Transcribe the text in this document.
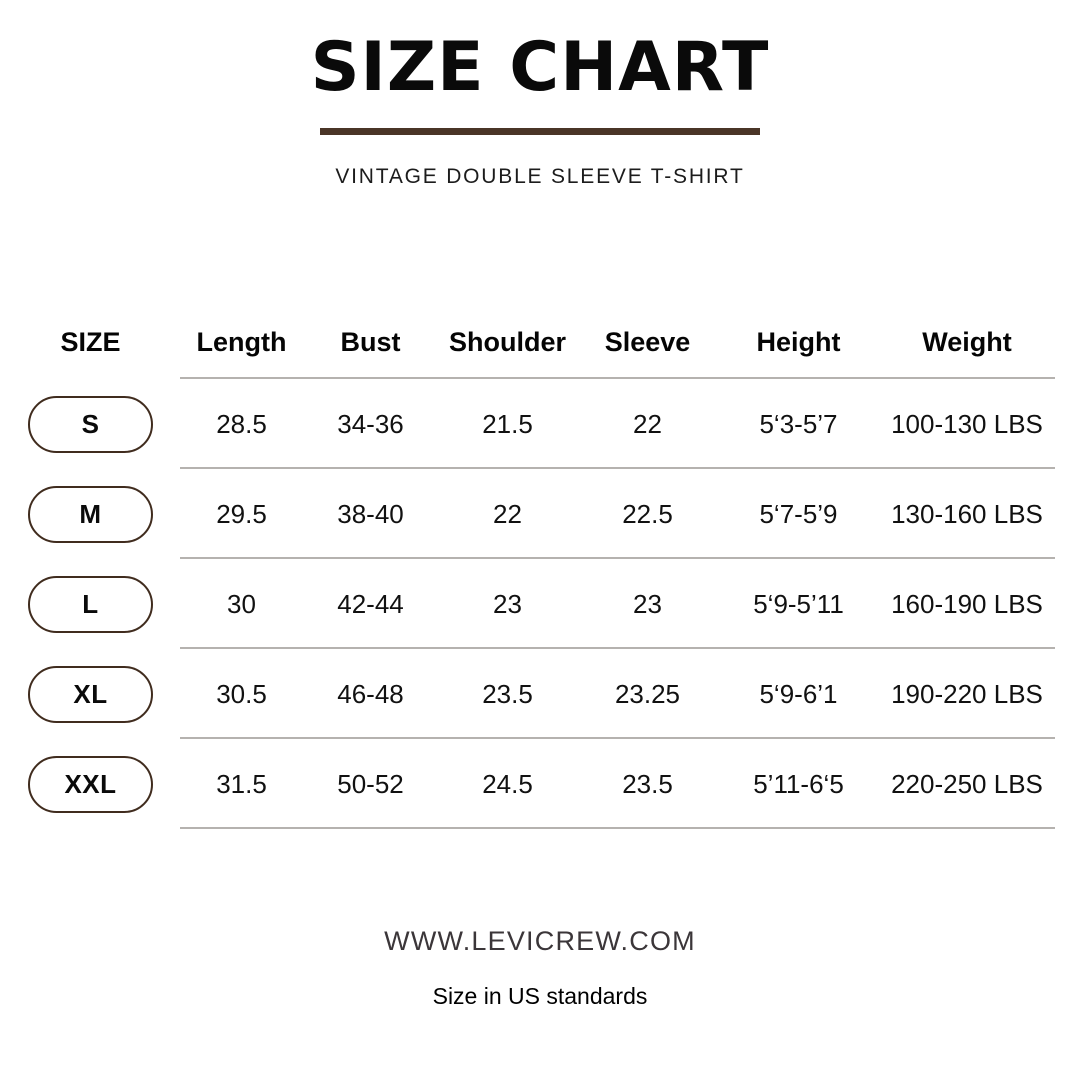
SIZE CHART
VINTAGE DOUBLE SLEEVE T-SHIRT
SIZE	Length	Bust	Shoulder	Sleeve	Height	Weight
S	28.5	34-36	21.5	22	5‘3-5’7	100-130 LBS
M	29.5	38-40	22	22.5	5‘7-5’9	130-160 LBS
L	30	42-44	23	23	5‘9-5’11	160-190 LBS
XL	30.5	46-48	23.5	23.25	5‘9-6’1	190-220 LBS
XXL	31.5	50-52	24.5	23.5	5’11-6‘5	220-250 LBS
WWW.LEVICREW.COM
Size in US standards
